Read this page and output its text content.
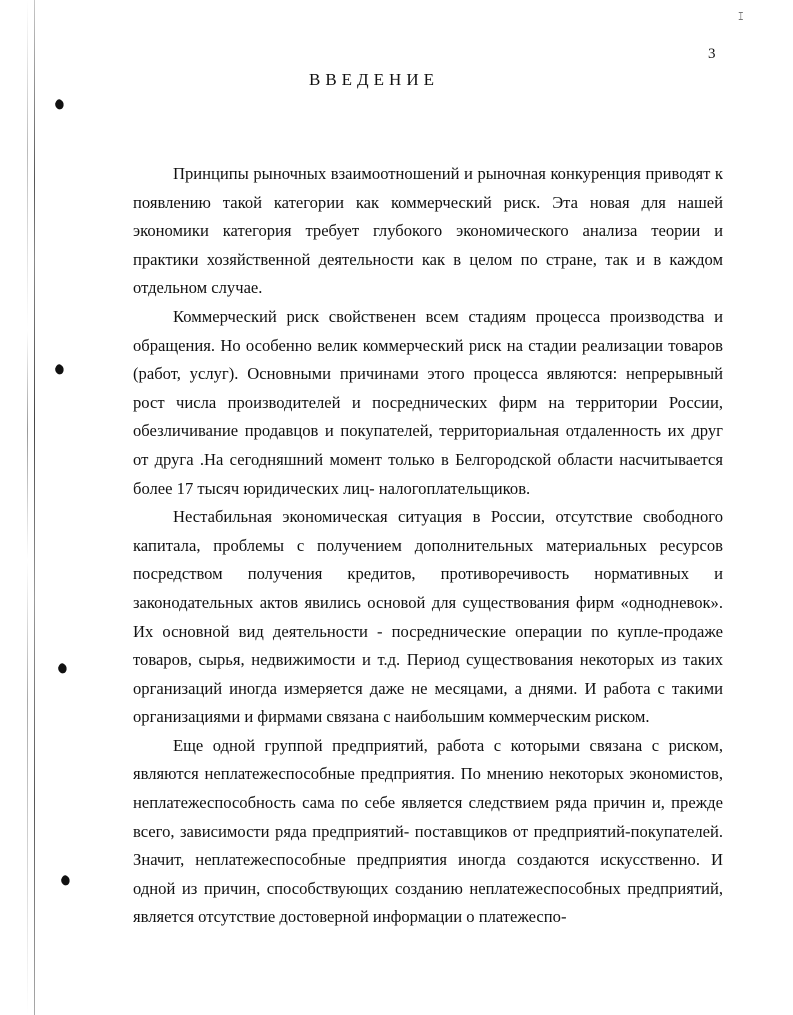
ꕯ
3
ВВЕДЕНИЕ

Принципы рыночных взаимоотношений и рыночная конкуренция приводят к появлению такой категории как коммерческий риск. Эта новая для нашей экономики категория требует глубокого экономического анализа теории и практики хозяйственной деятельности как в целом по стране, так и в каждом отдельном случае.

Коммерческий риск свойственен всем стадиям процесса производства и обращения. Но особенно велик коммерческий риск на стадии реализации товаров (работ, услуг). Основными причинами этого процесса являются: непрерывный рост числа производителей и посреднических фирм на территории России, обезличивание продавцов и покупателей, территориальная отдаленность их друг от друга .На сегодняшний момент только в Белгородской области насчитывается более 17 тысяч юридических лиц- налогоплательщиков.

Нестабильная экономическая ситуация в России, отсутствие свободного капитала, проблемы с получением дополнительных материальных ресурсов посредством получения кредитов, противоречивость нормативных и законодательных актов явились основой для существования фирм «однодневок». Их основной вид деятельности - посреднические операции по купле-продаже товаров, сырья, недвижимости и т.д. Период существования некоторых из таких организаций иногда измеряется даже не месяцами, а днями. И работа с такими организациями и фирмами связана с наибольшим коммерческим риском.

Еще одной группой предприятий, работа с которыми связана с риском, являются неплатежеспособные предприятия. По мнению некоторых экономистов, неплатежеспособность сама по себе является следствием ряда причин и, прежде всего, зависимости ряда предприятий- поставщиков от предприятий-покупателей. Значит, неплатежеспособные предприятия иногда создаются искусственно. И одной из причин, способствующих созданию неплатежеспособных предприятий, является отсутствие достоверной информации о платежеспо-
